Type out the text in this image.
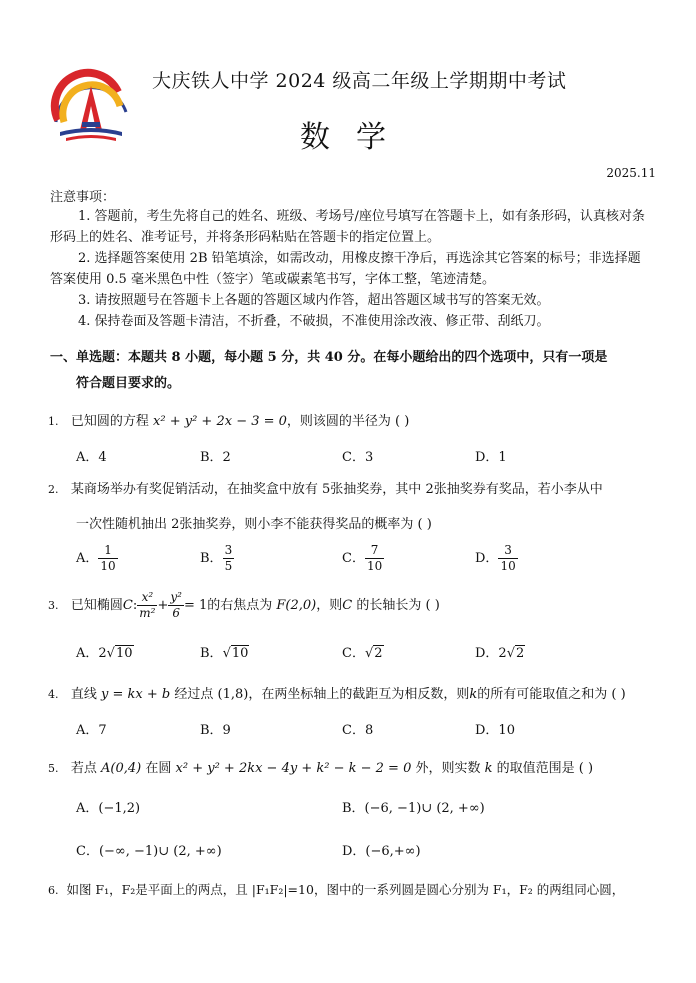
大庆铁人中学 2024 级高二年级上学期期中考试
数学
2025.11
注意事项：
1. 答题前，考生先将自己的姓名、班级、考场号/座位号填写在答题卡上，如有条形码，认真核对条形码上的姓名、准考证号，并将条形码粘贴在答题卡的指定位置上。
2. 选择题答案使用 2B 铅笔填涂，如需改动，用橡皮擦干净后，再选涂其它答案的标号；非选择题答案使用 0.5 毫米黑色中性（签字）笔或碳素笔书写，字体工整，笔迹清楚。
3. 请按照题号在答题卡上各题的答题区域内作答，超出答题区域书写的答案无效。
4. 保持卷面及答题卡清洁，不折叠，不破损，不准使用涂改液、修正带、刮纸刀。
一、单选题：本题共 8 小题，每小题 5 分，共 40 分。在每小题给出的四个选项中，只有一项是
符合题目要求的。
1. 已知圆的方程 x² + y² + 2x − 3 = 0，则该圆的半径为 ( )
A．4	B．2	C．3	D．1
2. 某商场举办有奖促销活动，在抽奖盒中放有 5张抽奖券，其中 2张抽奖券有奖品，若小李从中
一次性随机抽出 2张抽奖券，则小李不能获得奖品的概率为 ( )
A． $\frac{1}{10}$	B． $\frac{3}{5}$	C． $\frac{7}{10}$	D． $\frac{3}{10}$
3. 已知椭圆C: $\frac{\text{x²}}{\text{m²}} + \frac{\text{y²}}{6} = 1$的右焦点为 F(2,0)，则C 的长轴长为 ( )
A．2√10	B．√10	C．√2	D．2√2
4. 直线 y = kx + b 经过点 (1,8)，在两坐标轴上的截距互为相反数，则k的所有可能取值之和为 ( )
A．7	B．9	C．8	D．10
5. 若点 A(0,4) 在圆 x² + y² + 2kx − 4y + k² − k − 2 = 0 外，则实数 k 的取值范围是 ( )
A．(−1,2)	B．(−6, −1)∪ (2, +∞)
C．(−∞, −1)∪ (2, +∞)	D．(−6,+∞)
6. 如图 F₁，F₂是平面上的两点，且 |F₁F₂|=10，图中的一系列圆是圆心分别为 F₁，F₂ 的两组同心圆，
